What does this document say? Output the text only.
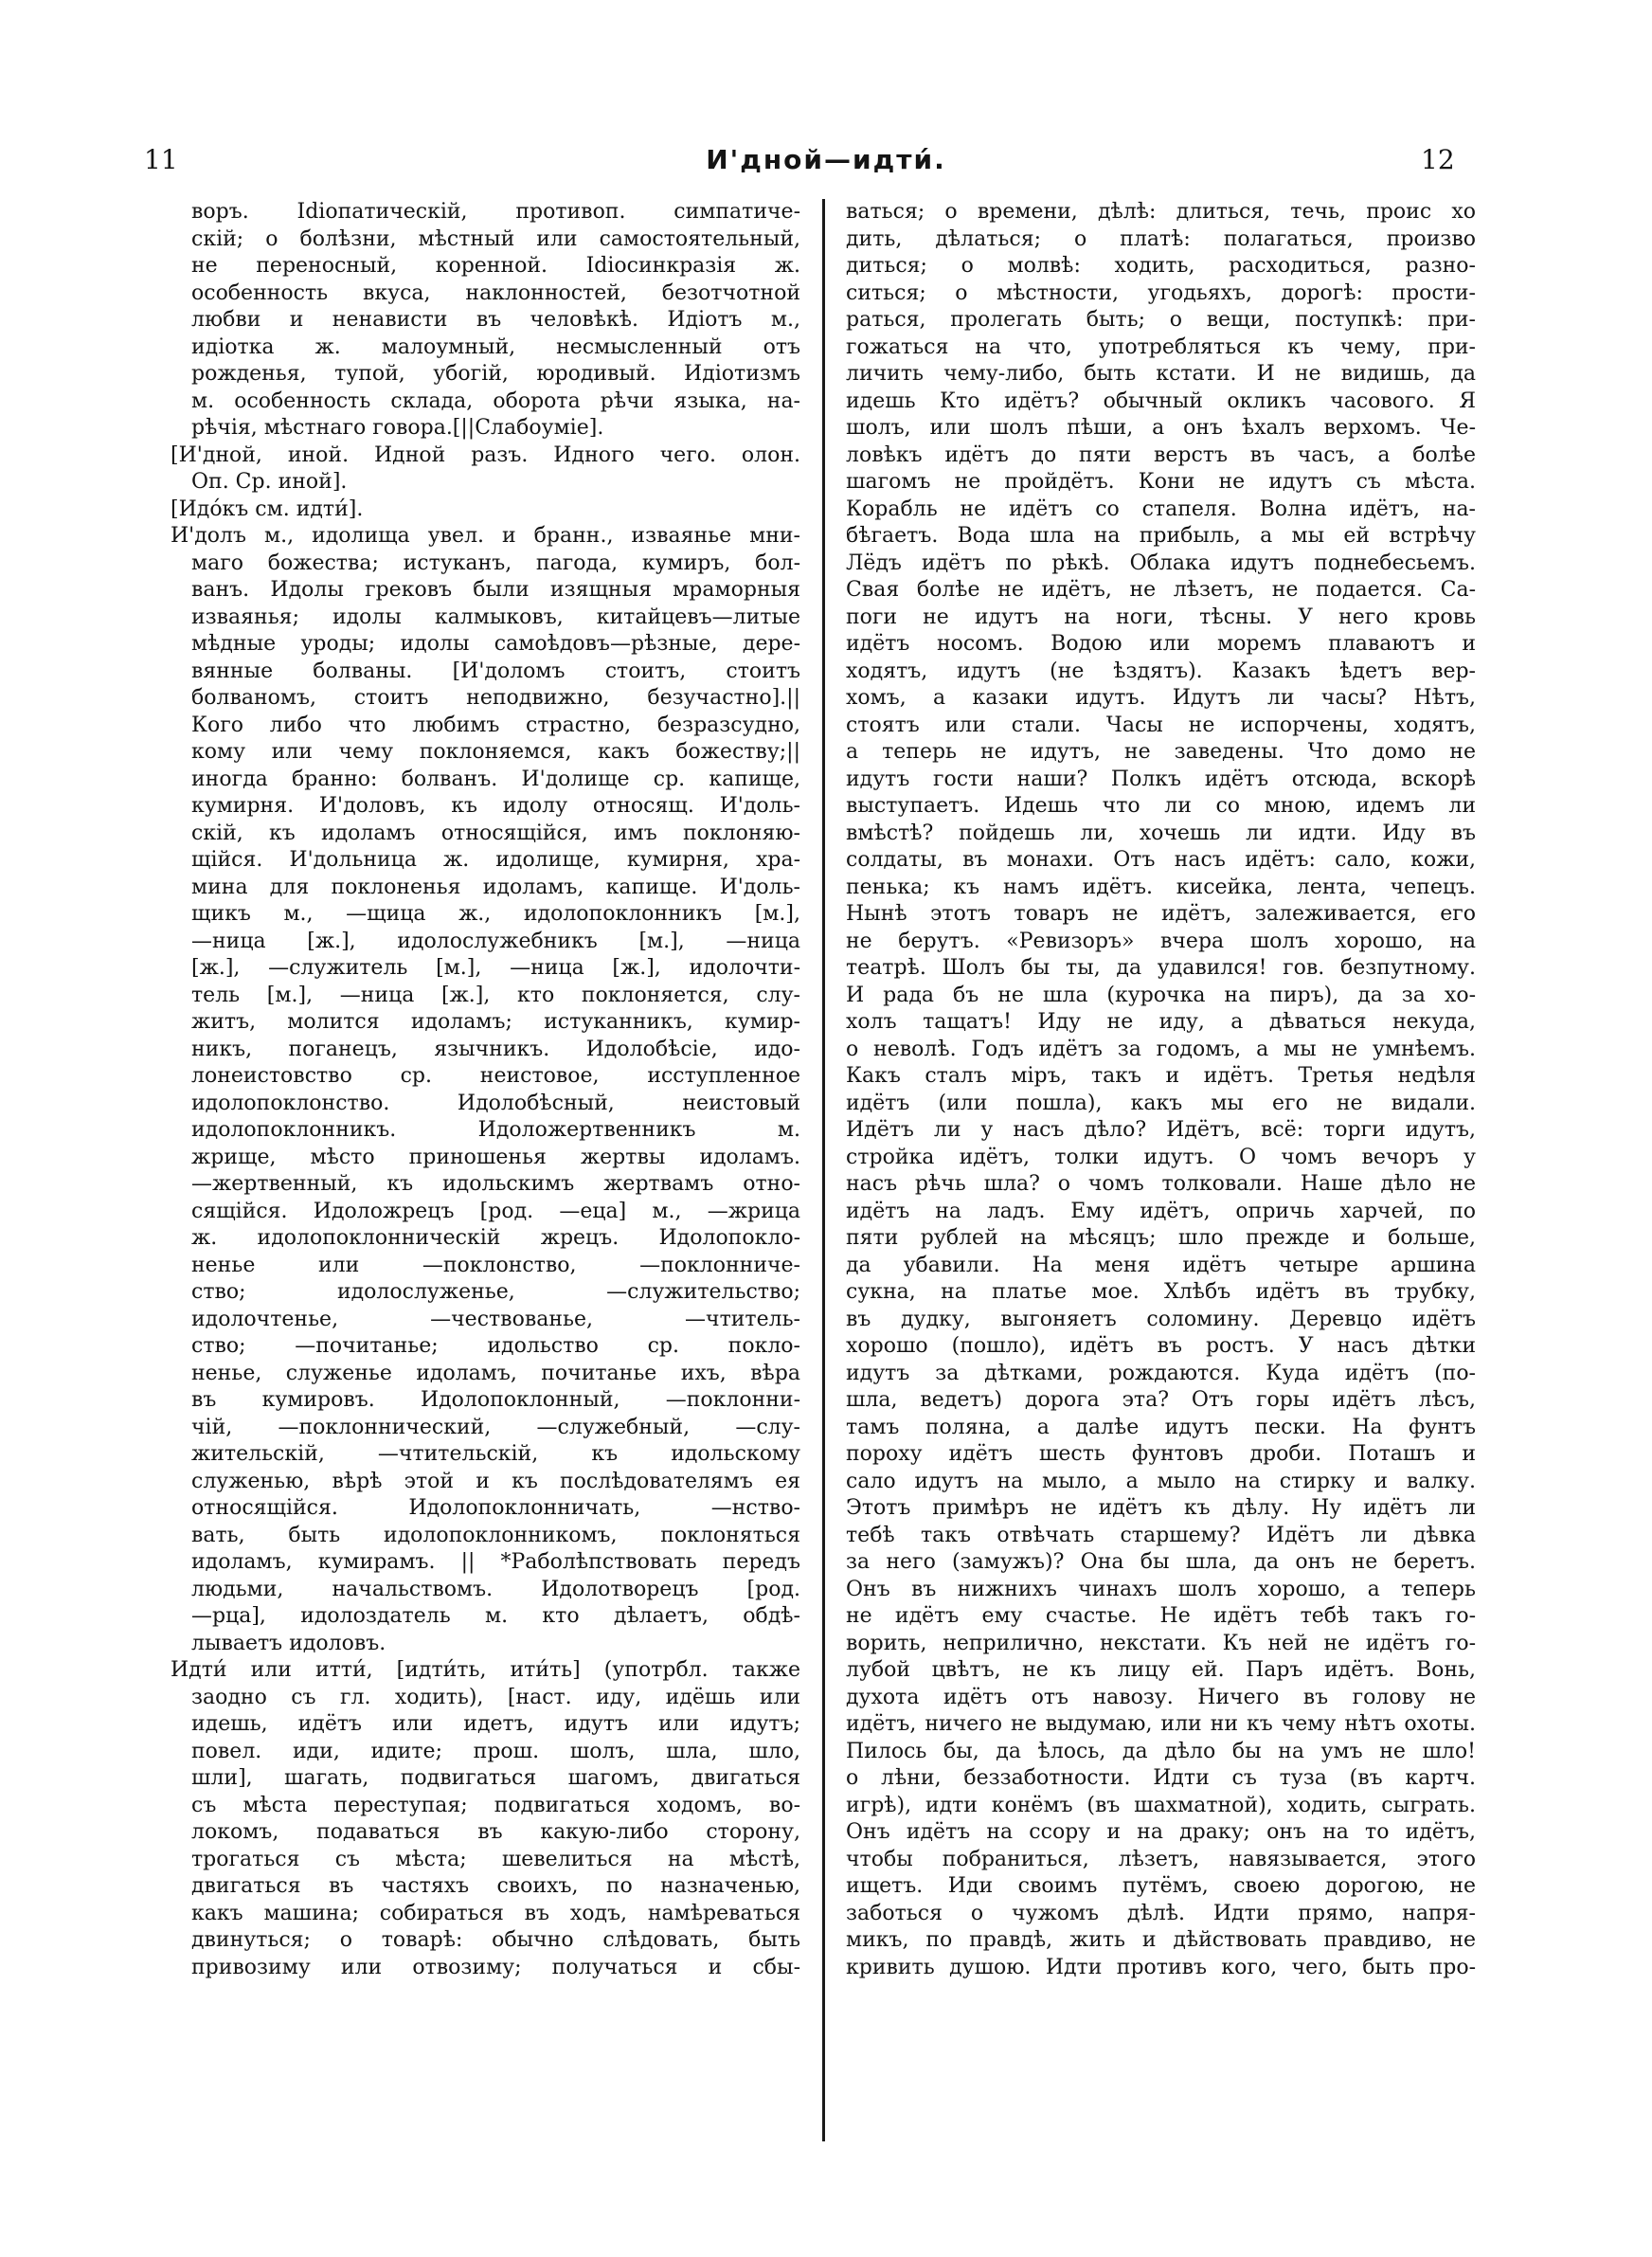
11	И'дной—идти́.	12
воръ. Idiопатическій, противоп. симпатиче-
скій; о болѣзни, мѣстный или самостоятельный,
не переносный, коренной. Idiосинкразія ж.
особенность вкуса, наклонностей, безотчотной
любви и ненависти въ человѣкѣ. Идіотъ м.,
идіотка ж. малоумный, несмысленный отъ
рожденья, тупой, убогій, юродивый. Идіотизмъ
м. особенность склада, оборота рѣчи языка, на-
рѣчія, мѣстнаго говора.[||Слабоумie].
[И'дной, иной. Идной разъ. Идного чего. олон.
Оп. Ср. иной].
[Идо́къ см. идти́].
И'долъ м., идолища увел. и бранн., изваянье мни-
маго божества; истуканъ, пагода, кумиръ, бол-
ванъ. Идолы грековъ были изящныя мраморныя
изваянья; идолы калмыковъ, китайцевъ—литые
мѣдные уроды; идолы самоѣдовъ—рѣзные, дере-
вянные болваны. [И'доломъ стоитъ, стоитъ
болваномъ, стоитъ неподвижно, безучастно].||
Кого либо что любимъ страстно, безразсудно,
кому или чему поклоняемся, какъ божеству;||
иногда бранно: болванъ. И'долище ср. капище,
кумирня. И'доловъ, къ идолу относящ. И'доль-
скій, къ идоламъ относящійся, имъ поклоняю-
щійся. И'дольница ж. идолище, кумирня, хра-
мина для поклоненья идоламъ, капище. И'доль-
щикъ м., —щица ж., идолопоклонникъ [м.],
—ница [ж.], идолослужебникъ [м.], —ница
[ж.], —служитель [м.], —ница [ж.], идолочти-
тель [м.], —ница [ж.], кто поклоняется, слу-
житъ, молится идоламъ; истуканникъ, кумир-
никъ, поганецъ, язычникъ. Идолобѣсіе, идо-
лонеистовство ср. неистовое, исступленное
идолопоклонство. Идолобѣсный, неистовый
идолопоклонникъ. Идоложертвенникъ м.
жрище, мѣсто приношенья жертвы идоламъ.
—жертвенный, къ идольскимъ жертвамъ отно-
сящійся. Идоложрецъ [род. —еца] м., —жрица
ж. идолопоклонническій жрецъ. Идолопокло-
ненье или —поклонство, —поклонниче-
ство; идолослуженье, —служительство;
идолочтенье, —чествованье, —чтитель-
ство; —почитанье; идольство ср. покло-
ненье, служенье идоламъ, почитанье ихъ, вѣра
въ кумировъ. Идолопоклонный, —поклонни-
чій, —поклоннический, —служебный, —слу-
жительскій, —чтительскій, къ идольскому
служенью, вѣрѣ этой и къ послѣдователямъ ея
относящійся. Идолопоклонничать, —нство-
вать, быть идолопоклонникомъ, поклоняться
идоламъ, кумирамъ. || *Раболѣпствовать передъ
людьми, начальствомъ. Идолотворецъ [род.
—рца], идолоздатель м. кто дѣлаетъ, обдѣ-
лываетъ идоловъ.
Идти́ или итти́, [идти́ть, ити́ть] (употрбл. также
заодно съ гл. ходить), [наст. иду, идёшь или
идешь, идётъ или идетъ, идутъ или идутъ;
повел. иди, идите; прош. шолъ, шла, шло,
шли], шагать, подвигаться шагомъ, двигаться
съ мѣста переступая; подвигаться ходомъ, во-
локомъ, подаваться въ какую-либо сторону,
трогаться съ мѣста; шевелиться на мѣстѣ,
двигаться въ частяхъ своихъ, по назначенью,
какъ машина; собираться въ ходъ, намѣреваться
двинуться; о товарѣ: обычно слѣдовать, быть
привозиму или отвозиму; получаться и сбы-
ваться; о времени, дѣлѣ: длиться, течь, проис хо
дить, дѣлаться; о платѣ: полагаться, произво
диться; о молвѣ: ходить, расходиться, разно-
ситься; о мѣстности, угодьяхъ, дорогѣ: прости-
раться, пролегать быть; о вещи, поступкѣ: при-
гожаться на что, употребляться къ чему, при-
личить чему-либо, быть кстати. И не видишь, да
идешь Кто идётъ? обычный окликъ часового. Я
шолъ, или шолъ пѣши, а онъ ѣхалъ верхомъ. Че-
ловѣкъ идётъ до пяти верстъ въ часъ, а болѣе
шагомъ не пройдётъ. Кони не идутъ съ мѣста.
Корабль не идётъ со стапеля. Волна идётъ, на-
бѣгаетъ. Вода шла на прибыль, а мы ей встрѣчу
Лёдъ идётъ по рѣкѣ. Облака идутъ поднебесьемъ.
Свая болѣе не идётъ, не лѣзетъ, не подается. Са-
поги не идутъ на ноги, тѣсны. У него кровь
идётъ носомъ. Водою или моремъ плаваютъ и
ходятъ, идутъ (не ѣздятъ). Казакъ ѣдетъ вер-
хомъ, а казаки идутъ. Идутъ ли часы? Нѣтъ,
стоятъ или стали. Часы не испорчены, ходятъ,
а теперь не идутъ, не заведены. Что домо не
идутъ гости наши? Полкъ идётъ отсюда, вскорѣ
выступаетъ. Идешь что ли со мною, идемъ ли
вмѣстѣ? пойдешь ли, хочешь ли идти. Иду въ
солдаты, въ монахи. Отъ насъ идётъ: сало, кожи,
пенька; къ намъ идётъ. кисейка, лента, чепецъ.
Нынѣ этотъ товаръ не идётъ, залеживается, его
не берутъ. «Ревизоръ» вчера шолъ хорошо, на
театрѣ. Шолъ бы ты, да удавился! гов. безпутному.
И рада бъ не шла (курочка на пиръ), да за хо-
холъ тащатъ! Иду не иду, а дѣваться некуда,
о неволѣ. Годъ идётъ за годомъ, а мы не умнѣемъ.
Какъ сталъ міръ, такъ и идётъ. Третья недѣля
идётъ (или пошла), какъ мы его не видали.
Идётъ ли у насъ дѣло? Идётъ, всё: торги идутъ,
стройка идётъ, толки идутъ. О чомъ вечоръ у
насъ рѣчь шла? о чомъ толковали. Наше дѣло не
идётъ на ладъ. Ему идётъ, опричь харчей, по
пяти рублей на мѣсяцъ; шло прежде и больше,
да убавили. На меня идётъ четыре аршина
сукна, на платье мое. Хлѣбъ идётъ въ трубку,
въ дудку, выгоняетъ соломину. Деревцо идётъ
хорошо (пошло), идётъ въ ростъ. У насъ дѣтки
идутъ за дѣтками, рождаются. Куда идётъ (по-
шла, ведетъ) дорога эта? Отъ горы идётъ лѣсъ,
тамъ поляна, а далѣе идутъ пески. На фунтъ
пороху идётъ шесть фунтовъ дроби. Поташъ и
сало идутъ на мыло, а мыло на стирку и валку.
Этотъ примѣръ не идётъ къ дѣлу. Ну идётъ ли
тебѣ такъ отвѣчать старшему? Идётъ ли дѣвка
за него (замужъ)? Она бы шла, да онъ не беретъ.
Онъ въ нижнихъ чинахъ шолъ хорошо, а теперь
не идётъ ему счастье. Не идётъ тебѣ такъ го-
ворить, неприлично, некстати. Къ ней не идётъ го-
лубой цвѣтъ, не къ лицу ей. Паръ идётъ. Вонь,
духота идётъ отъ навозу. Ничего въ голову не
идётъ, ничего не выдумаю, или ни къ чему нѣтъ охоты.
Пилось бы, да ѣлось, да дѣло бы на умъ не шло!
о лѣни, беззаботности. Идти съ туза (въ картч.
игрѣ), идти конёмъ (въ шахматной), ходить, сыграть.
Онъ идётъ на ссору и на драку; онъ на то идётъ,
чтобы побраниться, лѣзетъ, навязывается, этого
ищетъ. Иди своимъ путёмъ, своею дорогою, не
заботься о чужомъ дѣлѣ. Идти прямо, напря-
микъ, по правдѣ, жить и дѣйствовать правдиво, не
кривить душою. Идти противъ кого, чего, быть про-
